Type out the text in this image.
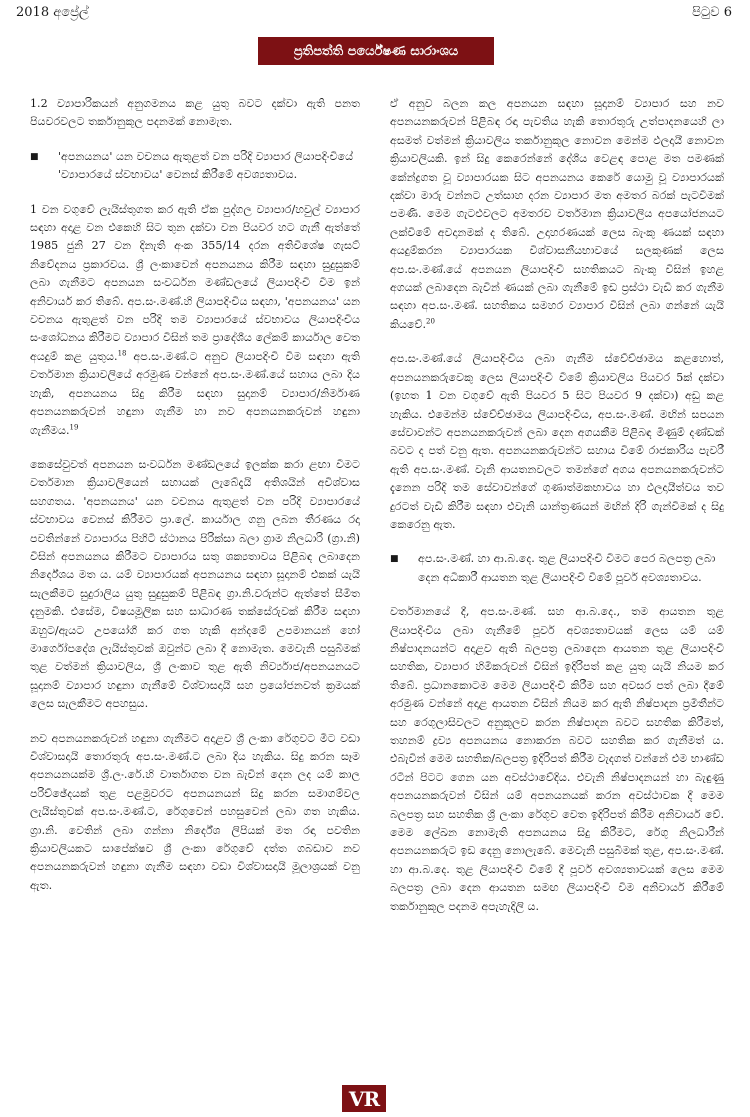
2018 අප්‍රේල්	පිටුව 6
ප්‍රතිපත්ති පර්යේෂණ සාරාංශය

1.2 ව්‍යාපාරිකයන් අනුගමනය කළ යුතු බවට දක්වා ඇති පනත පියවරවලට තර්කානුකූල පදනමක් නොමැත.

■	'අපනයනය' යන වචනය ඇතුළත් වන පරිදි ව්‍යාපාර ලියාපදිංචියේ 'ව්‍යාපාරයේ ස්වභාවය' වෙනස් කිරීමේ අවශ්‍යතාවය.

1 වන වගුවේ ලැයිස්තුගත කර ඇති ඒක පුද්ගල ව්‍යාපාර/හවුල් ව්‍යාපාර සඳහා අදාළ වන එකෙහි සිට තුන දක්වා වන පියවර හට ගැනී ඇත්තේ 1985 ජුනි 27 වන දිනැති අංක 355/14 දරන අතිවිශේෂ ගැසට් නිවේදනය ප්‍රකාරවය. ශ්‍රී ලංකාවෙන් අපනයනය කිරීම සඳහා සුදුසුකම් ලබා ගැනීමට අපනයන සංවර්ධන මණ්ඩලයේ ලියාපදිංචි වීම ඉන් අනිවාර්ය කර තිබේ. අප.සං.මණ්.හි ලියාපදිංචිය සඳහා, 'අපනයනය' යන වචනය ඇතුළත් වන පරිදි තම ව්‍යාපාරයේ ස්වභාවය ලියාපදිංචිය සංශෝධනය කිරීමට ව්‍යාපාර විසින් තම ප්‍රාදේශීය ලේකම් කාර්යාල වෙත අයදුම් කළ යුතුය.$^{18}$ අප.සං.මණ්.ට අනුව ලියාපදිංචි වීම සඳහා ඇති වර්තමාන ක්‍රියාවලියේ අරමුණ වන්නේ අප.සං.මණ්.යේ සහාය ලබා දිය හැකි, අපනයනය සිදු කිරීම සඳහා සුදානම් ව්‍යාපාර/නිර්මාණ අපනයනකරුවන් හඳුනා ගැනීම හා නව අපනයනකරුවන් හඳුනා ගැනීමය.$^{19}$

කෙසේවුවත් අපනයන සංවර්ධන මණ්ඩලයේ ඉලක්ක කරා ළඟා වීමට වර්තමාන ක්‍රියාවලියෙන් සහායක් ලැබේදැයි අතිශයින් අවිශ්වාස සහගතය. 'අපනයනය' යන වචනය ඇතුළත් වන පරිදි ව්‍යාපාරයේ ස්වභාවය වෙනස් කිරීමට ප්‍රා.ලේ. කාර්යාල ගනු ලබන තීරණය රදා පවතින්නේ ව්‍යාපාරය පිහිටි ස්ථානය පිරික්සා බලා ග්‍රාම නිලධාරි (ග්‍රා.නි) විසින් අපනයනය කිරීමට ව්‍යාපාරය සතු ශක්‍යතාවය පිළිබඳ ලබාදෙන නිර්දේශය මත ය. යම් ව්‍යාපාරයක් අපනයනය සඳහා සූදානම් එකක් යැයි සැලකීමට සුදුරාලිය යුතු සුදුසුකම් පිළිබඳ ග්‍රා.නි.වරුන්ට ඇත්තේ සීමිත දැනුමකි. එසේම, විෂයමූලික සහ සාධාරණ තක්සේරුවක් කිරීම සඳහා ඔහුට/ඇයට උපයෝගී කර ගත හැකි අන්දමේ උපමානයන් හෝ මාර්ගෝපදේශ ලැයිස්තුවක් ඔවුන්ට ලබා දී නොමැත. මෙවැනි පසුබිමක් තුළ වත්මන් ක්‍රියාවලිය, ශ්‍රී ලංකාව තුළ ඇති නිර්ව්‍යාජ/අපනයනයට සූදානම් ව්‍යාපාර හඳුනා ගැනීමේ විශ්වාසදායි සහ ප්‍රයෝජනවත් ක්‍රමයක් ලෙස සැලකීමට අපහසුය.

නව අපනයනකරුවන් හඳුනා ගැනීමට අදාළව ශ්‍රී ලංකා රේගුවට මීට වඩා විශ්වාසදායි තොරතුරු අප.සං.මණ්.ට ලබා දිය හැකිය. සිදු කරන සෑම අපනයනයක්ම ශ්‍රී.ලං.රේ.හි වාර්තාගත වන බැවින් දෙන ලද යම් කාල පරිච්ඡේදයක් තුළ පළමුවරට අපනයනයන් සිදු කරන සමාගම්වල ලැයිස්තුවක් අප.සං.මණ්.ට, රේගුවෙන් පහසුවෙන් ලබා ගත හැකිය. ග්‍රා.නි. වෙතින් ලබා ගන්නා නිර්දේශ ලිපියක් මත රඳා පවතින ක්‍රියාවලියකට සාපේක්ෂව ශ්‍රී ලංකා රේගුවේ දත්ත ගබඩාව නව අපනයනකරුවන් හඳුනා ගැනීම සඳහා වඩා විශ්වාසදායි මූලාශ්‍රයක් වනු ඇත.

ඒ අනුව බලන කල අපනයන සඳහා සූදානම් ව්‍යාපාර සහ නව අපනයනකරුවන් පිළිබඳ රඳා පැවතිය හැකි තොරතුරු උත්පාදනයෙහි ලා අසමත් වත්මන් ක්‍රියාවලිය තර්කානුකූල නොවන මෙන්ම ඵලදායී නොවන ක්‍රියාවලියකි. ඉන් සිදු කෙරෙන්නේ දේශීය වෙළඳ පොළ මත පමණක් කේන්ද්‍රගත වූ ව්‍යාපාරයක සිට අපනයනය කෙරේ යොමු වූ ව්‍යාපාරයක් දක්වා මාරු වන්නට උත්සාහ දරන ව්‍යාපාර මත අමතර බරක් පැටවීමක් පමණි. මෙම ගැටළුවලට අමතරව වර්තමාන ක්‍රියාවලිය අපයෝජනයට ලක්වීමේ අවදානමක් ද තිබේ. උදාහරණයක් ලෙස බැංකු ණයක් සඳහා අයදුම්කරන ව්‍යාපාරයක විශ්වාසනීයභාවයේ සලකුණක් ලෙස අප.සං.මණ්.යේ අපනයන ලියාපදිංචි සහතිකයට බැංකු විසින් ඉහළ අගයක් ලබාදෙන බැවින් ණයක් ලබා ගැනීමේ ඉඩ ප්‍රස්ථා වැඩි කර ගැනීම සඳහා අප.සං.මණ්. සහතිකය සමහර ව්‍යාපාර විසින් ලබා ගන්නේ යැයි කියවේ.$^{20}$

අප.සං.මණ්.යේ ලියාපදිංචිය ලබා ගැනීම ස්වේච්ඡාමය කළහොත්, අපනයනකරුවෙකු ලෙස ලියාපදිංචි වීමේ ක්‍රියාවලිය පියවර 5ක් දක්වා (ඉහත 1 වන වගුවේ ඇති පියවර 5 සිට පියවර 9 දක්වා) අඩු කළ හැකිය. එමෙන්ම ස්වේච්ඡාමය ලියාපදිංචිය, අප.සං.මණ්. මඟින් සපයන සේවාවන්ට අපනයනකරුවන් ලබා දෙන අගයකීම පිළිබඳ මිණුම් දණ්ඩක් බවට ද පත් වනු ඇත. අපනයනකරුවන්ට සහාය වීමේ රාජකාරිය පැවරී ඇති අප.සං.මණ්. වැනි ආයතනවලට තමන්ගේ අගය අපනයනකරුවන්ට දැනෙන පරිදි තම සේවාවන්ගේ ගුණාත්මකභාවය හා ඵලදායීත්වය තව දුරටත් වැඩි කිරීම සඳහා එවැනි යාන්ත්‍රණයන් මඟින් දිරි ගැන්වීමක් ද සිදු කෙරෙනු ඇත.

■	අප.සං.මණ්. හා ආ.බ.දෙ. තුළ ලියාපදිංචි වීමට පෙර බලපත්‍ර ලබා දෙන අධිකාරී ආයතන තුළ ලියාපදිංචි වීමේ පූර්ව අවශ්‍යතාවය.

වර්තමානයේ දී, අප.සං.මණ්. සහ ආ.බ.දෙ., තම ආයතන තුළ ලියාපදිංචිය ලබා ගැනීමේ පූර්ව අවශ්‍යතාවයක් ලෙස යම් යම් නිෂ්පාදනයන්ට අදාළව ඇති බලපත්‍ර ලබාදෙන ආයතන තුළ ලියාපදිංචි සහතික, ව්‍යාපාර හිමිකරුවන් විසින් ඉදිරිපත් කළ යුතු යැයි නියම කර තිබේ. ප්‍රධානකොටම මෙම ලියාපදිංචි කිරීම සහ අවසර පත් ලබා දීමේ අරමුණ වන්නේ අදාළ ආයතන විසින් නියම කර ඇති නිෂ්පාදන ප්‍රමිතීන්ට සහ රෙගුලාසිවලට අනුකූලව කරන නිෂ්පාදන බවට සහතික කිරීමත්, තහනම් ද්‍රව්‍ය අපනයනය නොකරන බවට සහතික කර ගැනීමත් ය. එබැවින් මෙම සහතික/බලපත්‍ර ඉදිරිපත් කිරීම වැදගත් වන්නේ එම භාණ්ඩ රටින් පිටට ගෙන යන අවස්ථාවේදිය. එවැනි නිෂ්පාදනයන් හා බැඳුණු අපනයනකරුවන් විසින් යම් අපනයනයක් කරන අවස්ථාවක දී මෙම බලපත්‍ර සහ සහතික ශ්‍රී ලංකා රේගුව වෙත ඉදිරිපත් කිරීම අනිවාර්ය වේ. මෙම ලේඛන නොමැති අපනයනය සිදු කිරීමට, රේගු නිලධාරීන් අපනයනකරුට ඉඩ දෙනු නොලැබේ. මෙවැනි පසුබිමක් තුළ, අප.සං.මණ්. හා ආ.බ.දෙ. තුළ ලියාපදිංචි වීමේ දී පූර්ව අවශ්‍යතාවයක් ලෙස මෙම බලපත්‍ර ලබා දෙන ආයතන සමඟ ලියාපදිංචි වීම අනිවාර්ය කිරීමේ තර්කානුකූල පදනම අපැහැදිලි ය.

VR
